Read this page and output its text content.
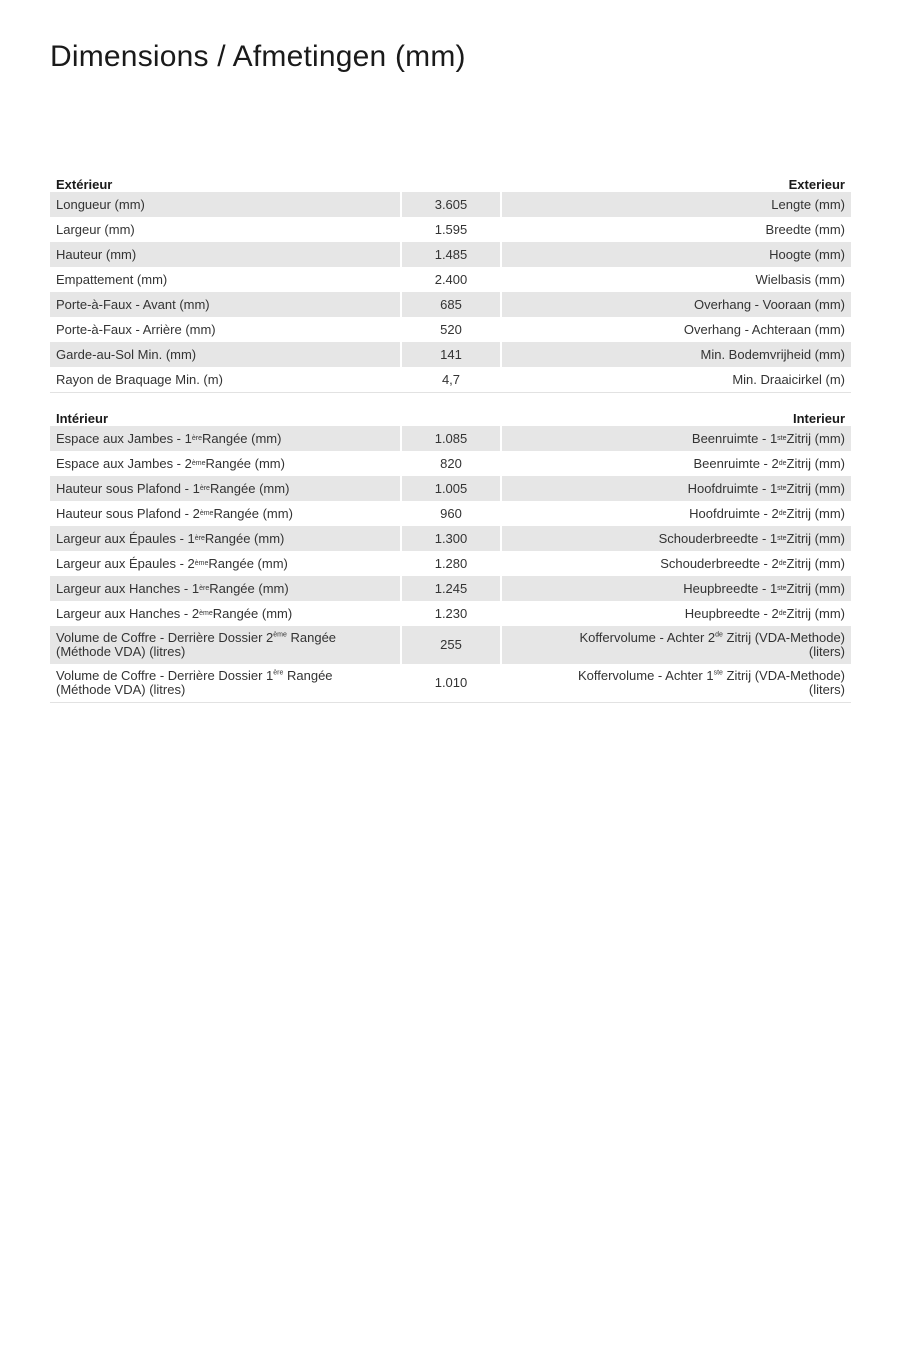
Dimensions / Afmetingen (mm)
Extérieur	Exterieur
Longueur (mm)	3.605	Lengte (mm)
Largeur (mm)	1.595	Breedte (mm)
Hauteur (mm)	1.485	Hoogte (mm)
Empattement (mm)	2.400	Wielbasis (mm)
Porte-à-Faux - Avant (mm)	685	Overhang - Vooraan (mm)
Porte-à-Faux - Arrière (mm)	520	Overhang - Achteraan (mm)
Garde-au-Sol Min. (mm)	141	Min. Bodemvrijheid (mm)
Rayon de Braquage Min. (m)	4,7	Min. Draaicirkel (m)
Intérieur	Interieur
Espace aux Jambes - 1 ère Rangée (mm)	1.085	Beenruimte - 1 ste Zitrij (mm)
Espace aux Jambes - 2 ème Rangée (mm)	820	Beenruimte - 2 de Zitrij (mm)
Hauteur sous Plafond - 1 ère Rangée (mm)	1.005	Hoofdruimte - 1 ste Zitrij (mm)
Hauteur sous Plafond - 2 ème Rangée (mm)	960	Hoofdruimte - 2 de Zitrij (mm)
Largeur aux Épaules - 1 ère Rangée (mm)	1.300	Schouderbreedte - 1 ste Zitrij (mm)
Largeur aux Épaules - 2 ème Rangée (mm)	1.280	Schouderbreedte - 2 de Zitrij (mm)
Largeur aux Hanches - 1 ère Rangée (mm)	1.245	Heupbreedte - 1 ste Zitrij (mm)
Largeur aux Hanches - 2 ème Rangée (mm)	1.230	Heupbreedte - 2 de Zitrij (mm)
Volume de Coffre - Derrière Dossier 2ème Rangée
(Méthode VDA) (litres)	255	Koffervolume - Achter 2de Zitrij (VDA-Methode)
(liters)
Volume de Coffre - Derrière Dossier 1ère Rangée
(Méthode VDA) (litres)	1.010	Koffervolume - Achter 1ste Zitrij (VDA-Methode)
(liters)
